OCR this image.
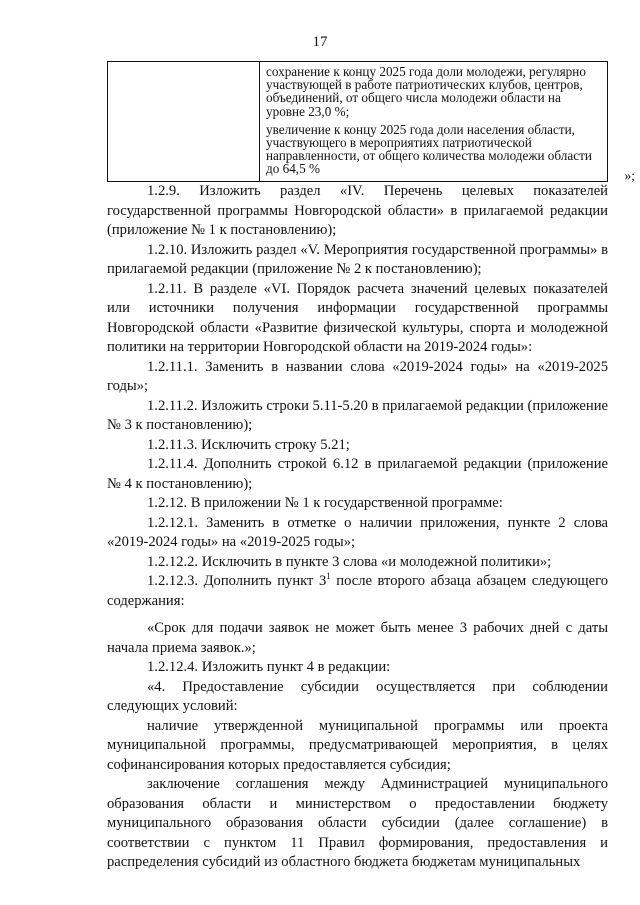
17

сохранение к концу 2025 года доли молодежи, регулярно участвующей в работе патриотических клубов, центров, объединений, от общего числа молодежи области на уровне 23,0 %;

увеличение к концу 2025 года доли населения области, участвующего в мероприятиях патриотической направленности, от общего количества молодежи области до 64,5 %	»;

1.2.9. Изложить раздел «IV. Перечень целевых показателей государственной программы Новгородской области» в прилагаемой редакции (приложение № 1 к постановлению);

1.2.10. Изложить раздел «V. Мероприятия государственной программы» в прилагаемой редакции (приложение № 2 к постановлению);

1.2.11. В разделе «VI. Порядок расчета значений целевых показателей или источники получения информации государственной программы Новгородской области «Развитие физической культуры, спорта и молодежной политики на территории Новгородской области на 2019-2024 годы»:

1.2.11.1. Заменить в названии слова «2019-2024 годы» на «2019-2025 годы»;

1.2.11.2. Изложить строки 5.11-5.20 в прилагаемой редакции (приложение № 3 к постановлению);

1.2.11.3. Исключить строку 5.21;

1.2.11.4. Дополнить строкой 6.12 в прилагаемой редакции (приложение № 4 к постановлению);

1.2.12. В приложении № 1 к государственной программе:

1.2.12.1. Заменить в отметке о наличии приложения, пункте 2 слова «2019-2024 годы» на «2019-2025 годы»;

1.2.12.2. Исключить в пункте 3 слова «и молодежной политики»;

1.2.12.3. Дополнить пункт $3^1$ после второго абзаца абзацем следующего содержания:

«Срок для подачи заявок не может быть менее 3 рабочих дней с даты начала приема заявок.»;

1.2.12.4. Изложить пункт 4 в редакции:

«4. Предоставление субсидии осуществляется при соблюдении следующих условий:

наличие утвержденной муниципальной программы или проекта муниципальной программы, предусматривающей мероприятия, в целях софинансирования которых предоставляется субсидия;

заключение соглашения между Администрацией муниципального образования области и министерством о предоставлении бюджету муниципального образования области субсидии (далее соглашение) в соответствии с пунктом 11 Правил формирования, предоставления и распределения субсидий из областного бюджета бюджетам муниципальных
